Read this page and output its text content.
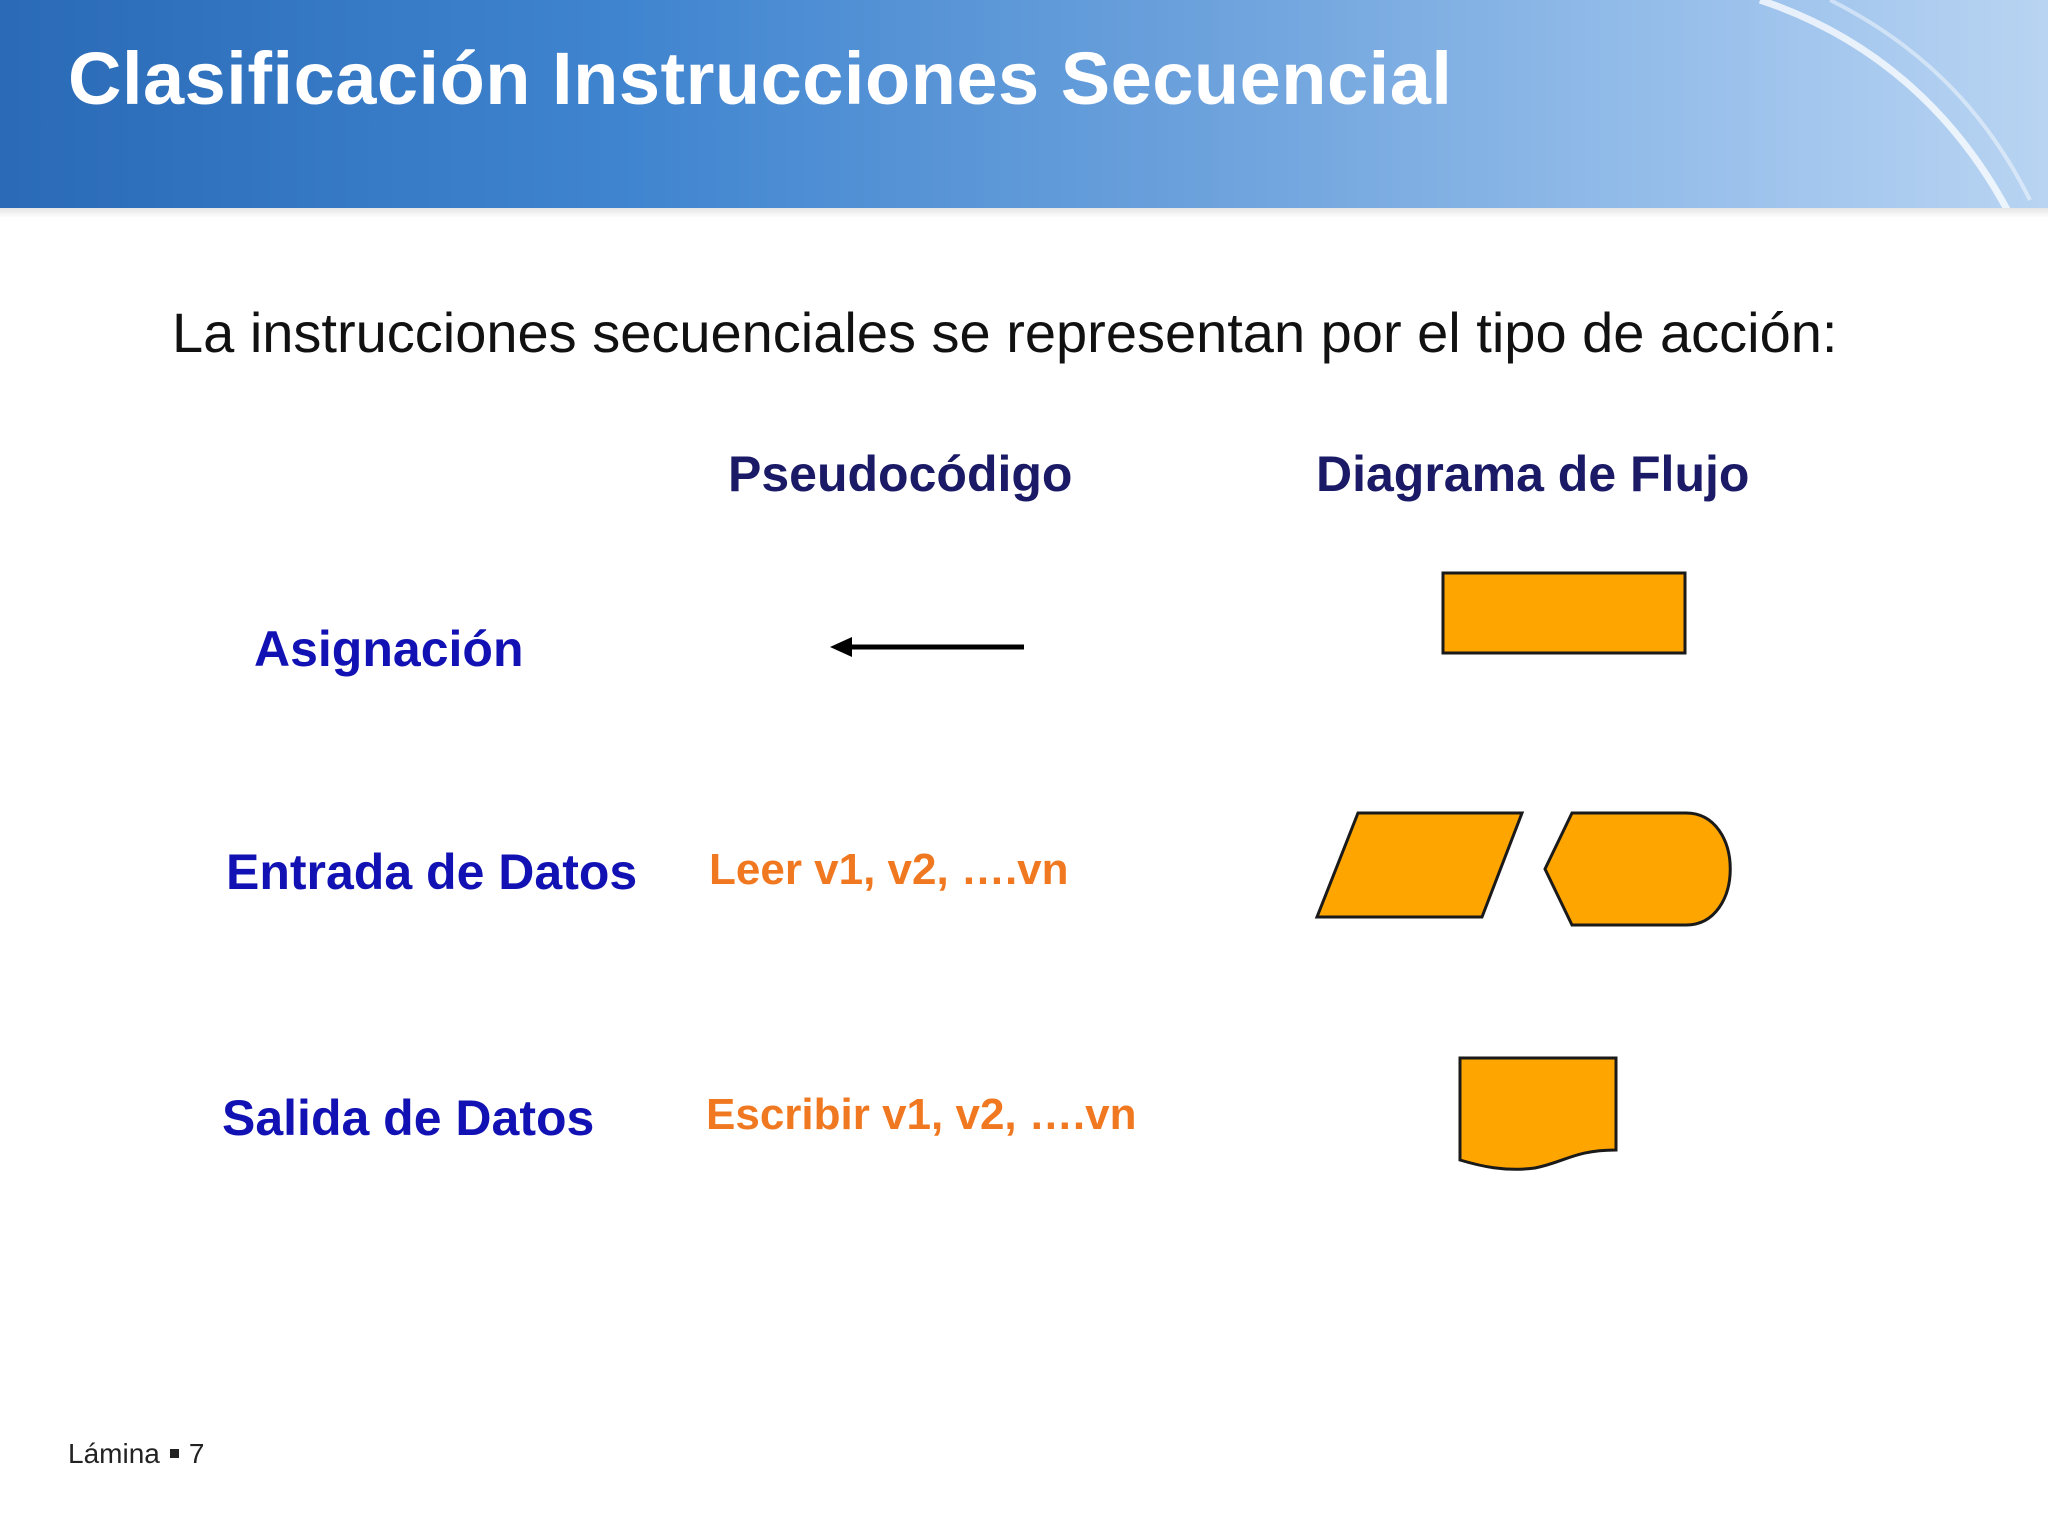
Clasificación Instrucciones Secuencial
La instrucciones secuenciales se representan por el tipo de acción:
Pseudocódigo	Diagrama de Flujo
Asignación
Entrada de Datos
Salida de Datos
Leer v1, v2, ….vn
Escribir v1, v2, ….vn
Lámina 7
